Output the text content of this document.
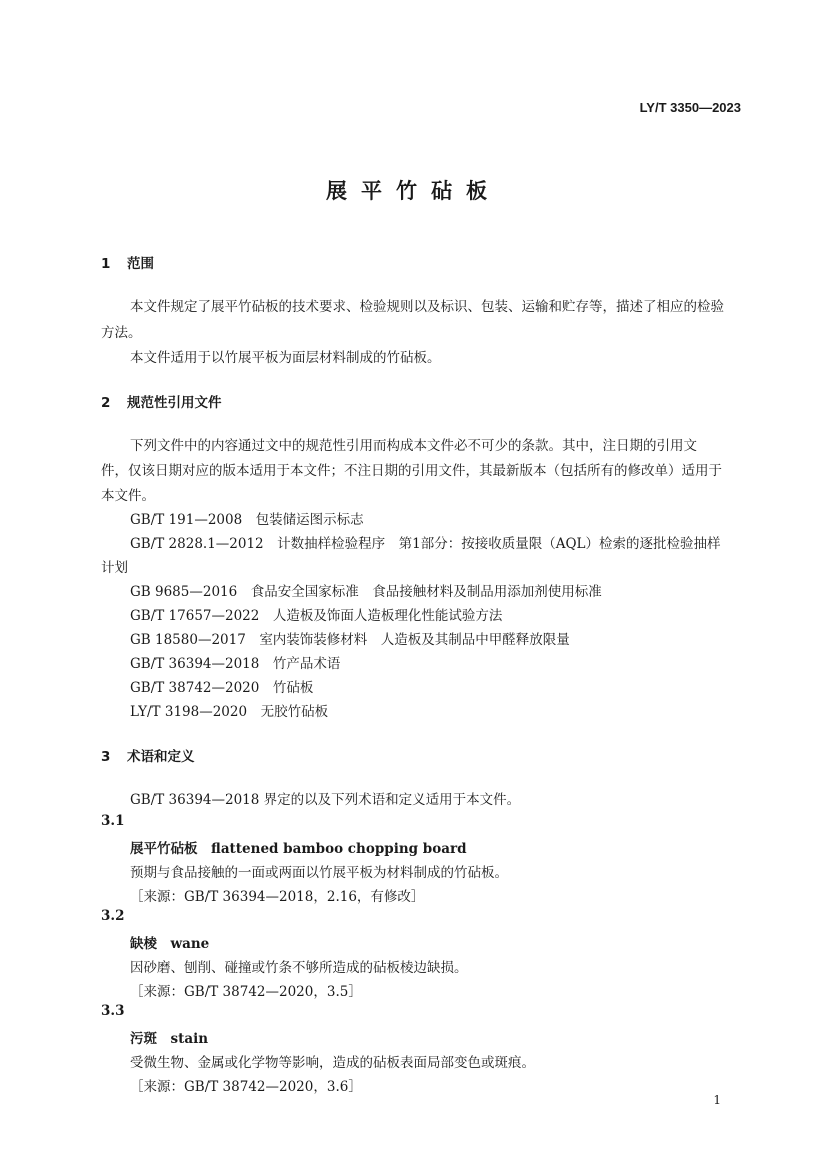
LY/T 3350—2023
展平竹砧板
1 范围
本文件规定了展平竹砧板的技术要求、检验规则以及标识、包装、运输和贮存等，描述了相应的检验
方法。
本文件适用于以竹展平板为面层材料制成的竹砧板。
2 规范性引用文件
下列文件中的内容通过文中的规范性引用而构成本文件必不可少的条款。其中，注日期的引用文
件，仅该日期对应的版本适用于本文件；不注日期的引用文件，其最新版本（包括所有的修改单）适用于
本文件。
GB/T 191—2008　 包装储运图示标志
GB/T 2828.1—2012　 计数抽样检验程序　第1部分：按接收质量限（AQL）检索的逐批检验抽样
计划
GB 9685—2016　 食品安全国家标准　食品接触材料及制品用添加剂使用标准
GB/T 17657—2022　 人造板及饰面人造板理化性能试验方法
GB 18580—2017　 室内装饰装修材料　人造板及其制品中甲醛释放限量
GB/T 36394—2018　 竹产品术语
GB/T 38742—2020　 竹砧板
LY/T 3198—2020　 无胶竹砧板
3 术语和定义
GB/T 36394—2018 界定的以及下列术语和定义适用于本文件。
3.1
展平竹砧板　flattened bamboo chopping board
预期与食品接触的一面或两面以竹展平板为材料制成的竹砧板。
［来源：GB/T 36394—2018，2.16，有修改］
3.2
缺棱　wane
因砂磨、刨削、碰撞或竹条不够所造成的砧板棱边缺损。
［来源：GB/T 38742—2020，3.5］
3.3
污斑　stain
受微生物、金属或化学物等影响，造成的砧板表面局部变色或斑痕。
［来源：GB/T 38742—2020，3.6］
1
